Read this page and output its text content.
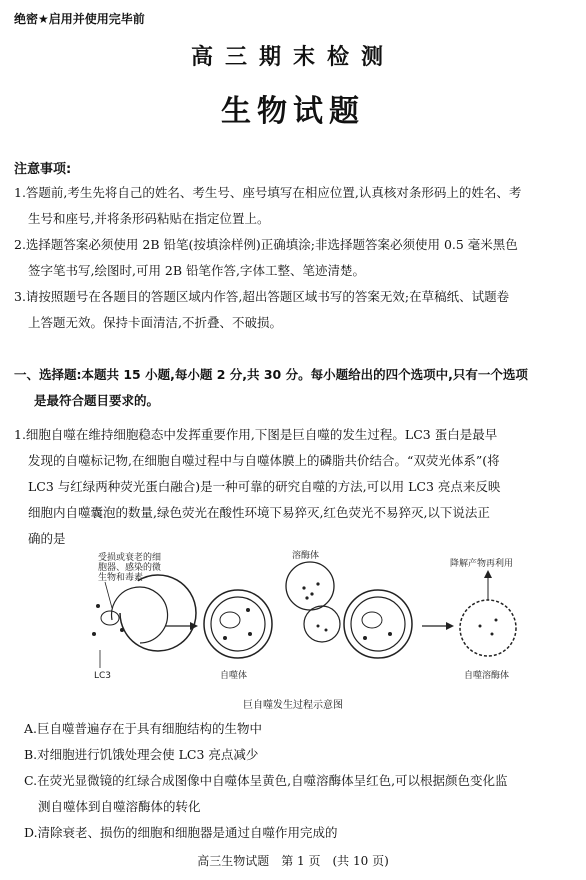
绝密★启用并使用完毕前
高三期末检测
生物试题
注意事项:
1.答题前,考生先将自己的姓名、考生号、座号填写在相应位置,认真核对条形码上的姓名、考
生号和座号,并将条形码粘贴在指定位置上。
2.选择题答案必须使用 2B 铅笔(按填涂样例)正确填涂;非选择题答案必须使用 0.5 毫米黑色
签字笔书写,绘图时,可用 2B 铅笔作答,字体工整、笔迹清楚。
3.请按照题号在各题目的答题区域内作答,超出答题区域书写的答案无效;在草稿纸、试题卷
上答题无效。保持卡面清洁,不折叠、不破损。
一、选择题:本题共 15 小题,每小题 2 分,共 30 分。每小题给出的四个选项中,只有一个选项
是最符合题目要求的。
1.细胞自噬在维持细胞稳态中发挥重要作用,下图是巨自噬的发生过程。LC3 蛋白是最早
发现的自噬标记物,在细胞自噬过程中与自噬体膜上的磷脂共价结合。“双荧光体系”(将
LC3 与红绿两种荧光蛋白融合)是一种可靠的研究自噬的方法,可以用 LC3 亮点来反映
细胞内自噬囊泡的数量,绿色荧光在酸性环境下易猝灭,红色荧光不易猝灭,以下说法正
确的是
受损或衰老的细
胞器、感染的微
生物和毒素
LC3	自噬体
溶酶体
降解产物再利用
自噬溶酶体
巨自噬发生过程示意图
A.巨自噬普遍存在于具有细胞结构的生物中
B.对细胞进行饥饿处理会使 LC3 亮点减少
C.在荧光显微镜的红绿合成图像中自噬体呈黄色,自噬溶酶体呈红色,可以根据颜色变化监
测自噬体到自噬溶酶体的转化
D.清除衰老、损伤的细胞和细胞器是通过自噬作用完成的
高三生物试题　第 1 页　(共 10 页)
